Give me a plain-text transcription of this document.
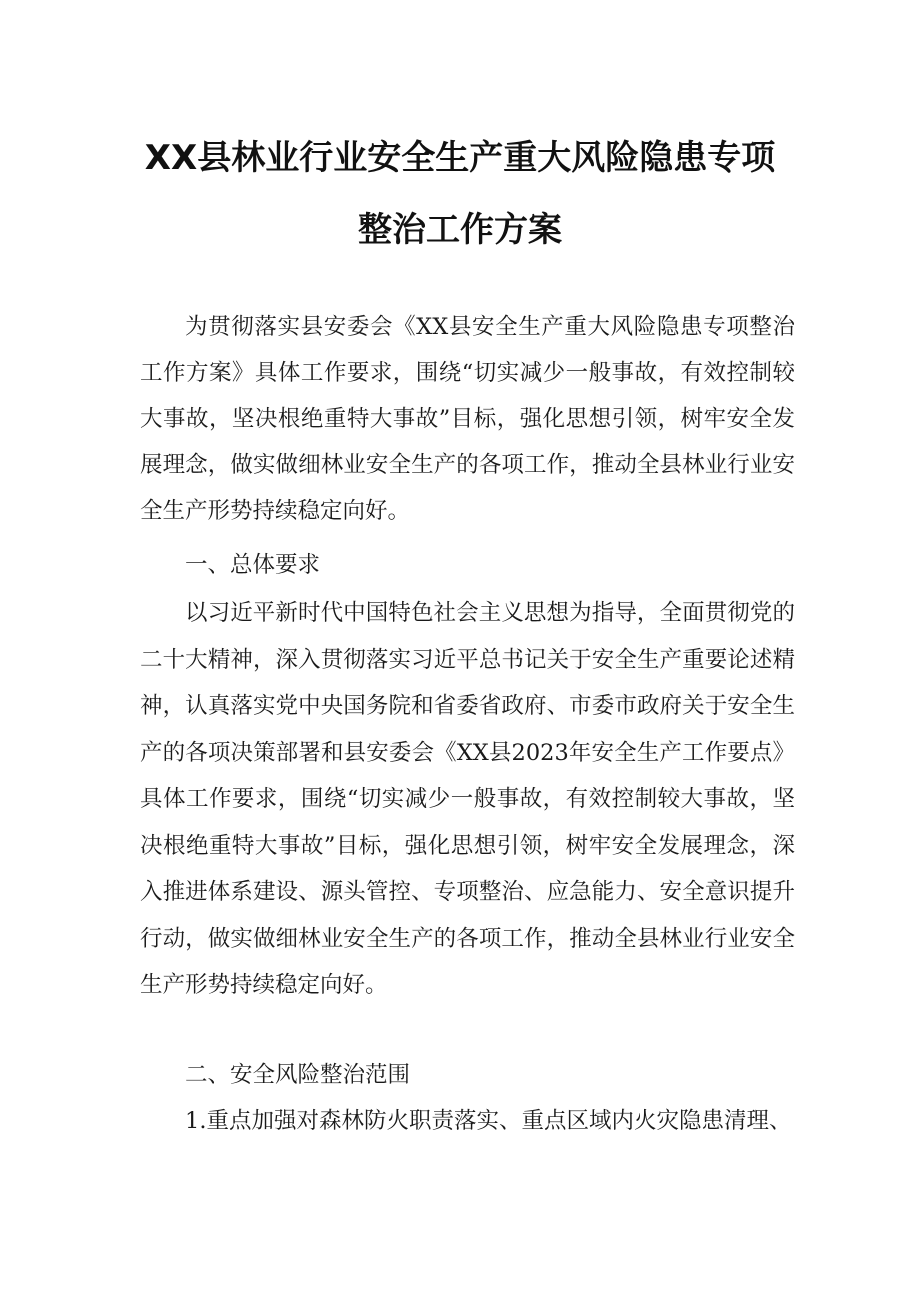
XX县林业行业安全生产重大风险隐患专项
整治工作方案

为贯彻落实县安委会《XX县安全生产重大风险隐患专项整治工作方案》具体工作要求，围绕“切实减少一般事故，有效控制较大事故，坚决根绝重特大事故”目标，强化思想引领，树牢安全发展理念，做实做细林业安全生产的各项工作，推动全县林业行业安全生产形势持续稳定向好。

一、总体要求

以习近平新时代中国特色社会主义思想为指导，全面贯彻党的二十大精神，深入贯彻落实习近平总书记关于安全生产重要论述精神，认真落实党中央国务院和省委省政府、市委市政府关于安全生产的各项决策部署和县安委会《XX县2023年安全生产工作要点》具体工作要求，围绕“切实减少一般事故，有效控制较大事故，坚决根绝重特大事故”目标，强化思想引领，树牢安全发展理念，深入推进体系建设、源头管控、专项整治、应急能力、安全意识提升行动，做实做细林业安全生产的各项工作，推动全县林业行业安全生产形势持续稳定向好。

二、安全风险整治范围

1.重点加强对森林防火职责落实、重点区域内火灾隐患清理、
